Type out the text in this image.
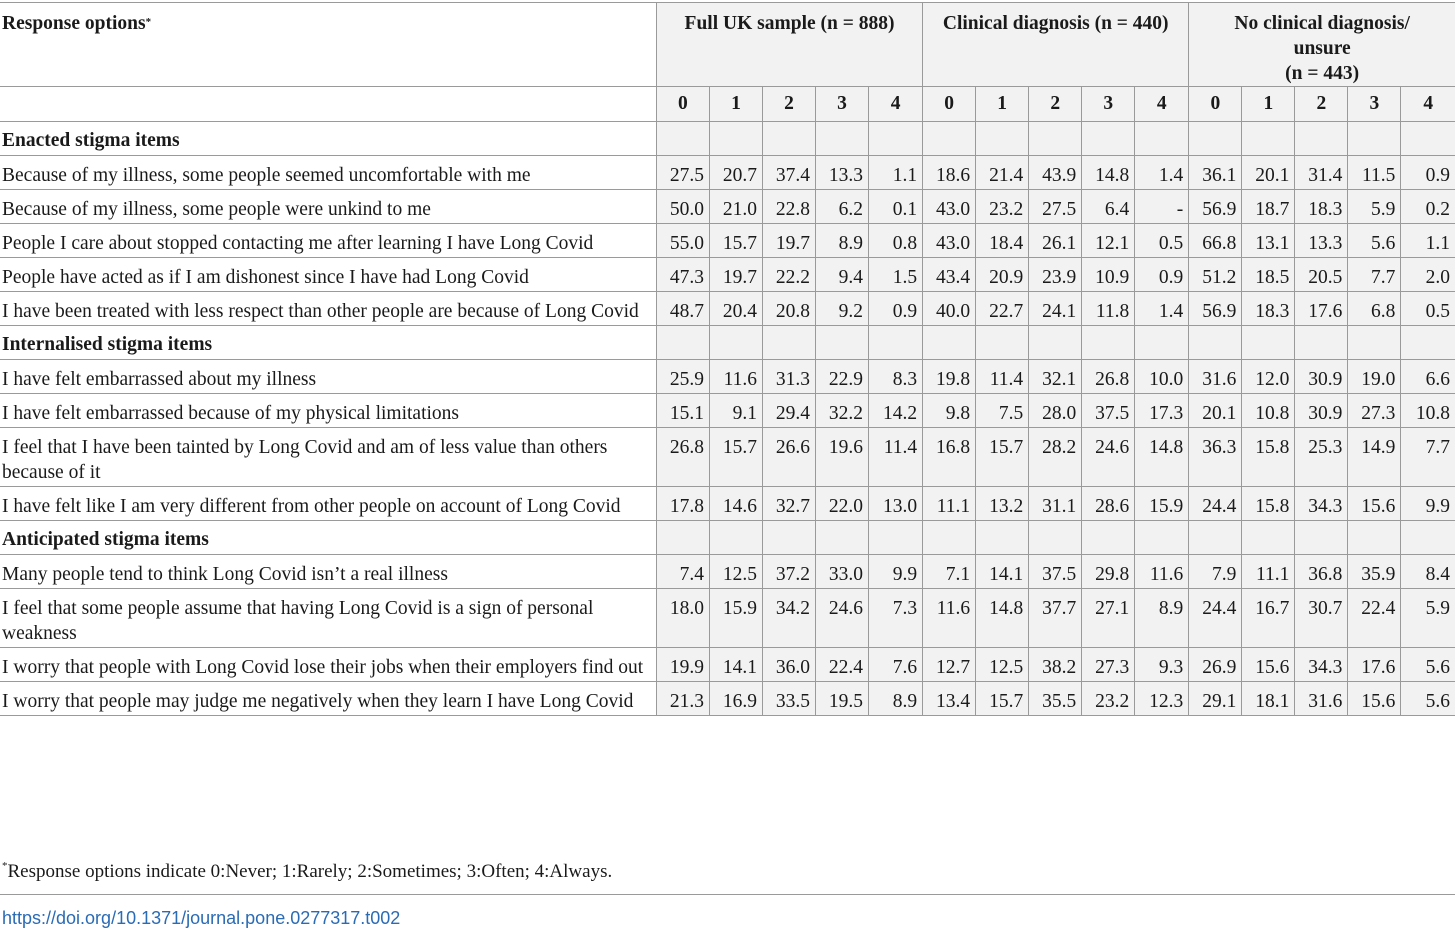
Response options*	Full UK sample (n = 888)					Clinical diagnosis (n = 440)					No clinical diagnosis/
unsure
(n = 443)				

	0	1	2	3	4	0	1	2	3	4	0	1	2	3	4
Enacted stigma items															
Because of my illness, some people seemed uncomfortable with me	27.5	20.7	37.4	13.3	1.1	18.6	21.4	43.9	14.8	1.4	36.1	20.1	31.4	11.5	0.9
Because of my illness, some people were unkind to me	50.0	21.0	22.8	6.2	0.1	43.0	23.2	27.5	6.4	-	56.9	18.7	18.3	5.9	0.2
People I care about stopped contacting me after learning I have Long Covid	55.0	15.7	19.7	8.9	0.8	43.0	18.4	26.1	12.1	0.5	66.8	13.1	13.3	5.6	1.1
People have acted as if I am dishonest since I have had Long Covid	47.3	19.7	22.2	9.4	1.5	43.4	20.9	23.9	10.9	0.9	51.2	18.5	20.5	7.7	2.0
I have been treated with less respect than other people are because of Long Covid	48.7	20.4	20.8	9.2	0.9	40.0	22.7	24.1	11.8	1.4	56.9	18.3	17.6	6.8	0.5
Internalised stigma items															
I have felt embarrassed about my illness	25.9	11.6	31.3	22.9	8.3	19.8	11.4	32.1	26.8	10.0	31.6	12.0	30.9	19.0	6.6
I have felt embarrassed because of my physical limitations	15.1	9.1	29.4	32.2	14.2	9.8	7.5	28.0	37.5	17.3	20.1	10.8	30.9	27.3	10.8
I feel that I have been tainted by Long Covid and am of less value than others because of it	26.8	15.7	26.6	19.6	11.4	16.8	15.7	28.2	24.6	14.8	36.3	15.8	25.3	14.9	7.7
I have felt like I am very different from other people on account of Long Covid	17.8	14.6	32.7	22.0	13.0	11.1	13.2	31.1	28.6	15.9	24.4	15.8	34.3	15.6	9.9
Anticipated stigma items															
Many people tend to think Long Covid isn’t a real illness	7.4	12.5	37.2	33.0	9.9	7.1	14.1	37.5	29.8	11.6	7.9	11.1	36.8	35.9	8.4
I feel that some people assume that having Long Covid is a sign of personal weakness	18.0	15.9	34.2	24.6	7.3	11.6	14.8	37.7	27.1	8.9	24.4	16.7	30.7	22.4	5.9
I worry that people with Long Covid lose their jobs when their employers find out	19.9	14.1	36.0	22.4	7.6	12.7	12.5	38.2	27.3	9.3	26.9	15.6	34.3	17.6	5.6
I worry that people may judge me negatively when they learn I have Long Covid	21.3	16.9	33.5	19.5	8.9	13.4	15.7	35.5	23.2	12.3	29.1	18.1	31.6	15.6	5.6
*Response options indicate 0:Never; 1:Rarely; 2:Sometimes; 3:Often; 4:Always.
https://doi.org/10.1371/journal.pone.0277317.t002
